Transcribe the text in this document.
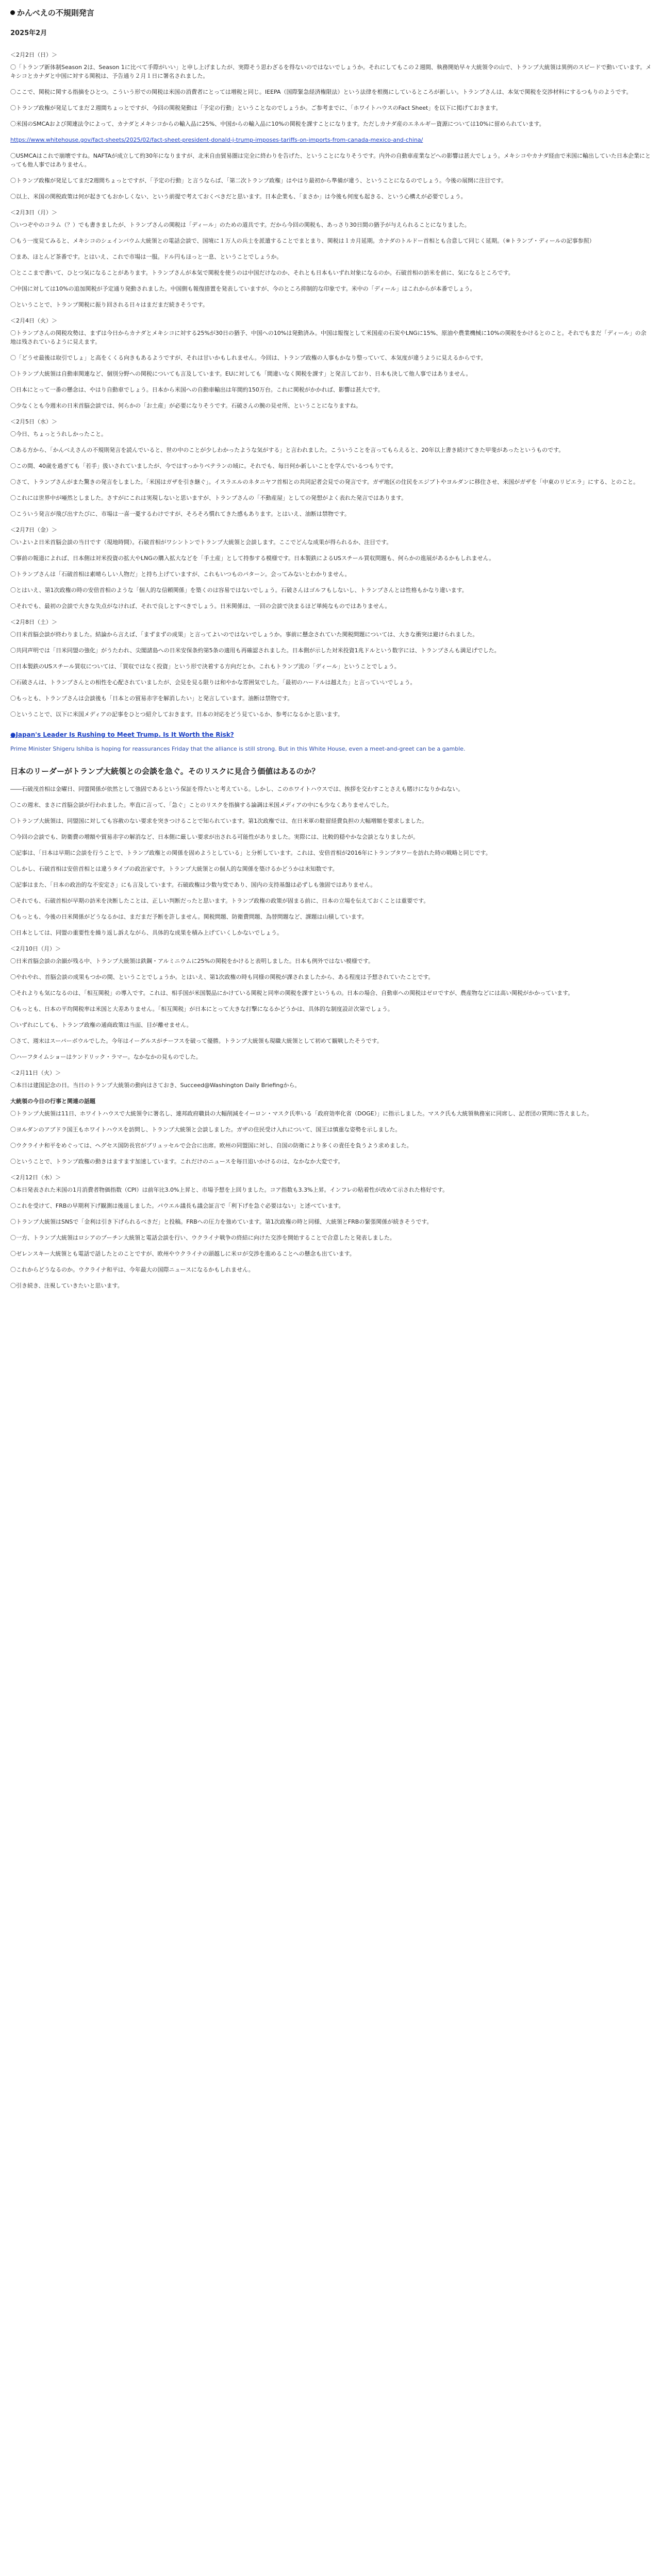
かんべえの不規則発言
2025年2月
＜2月2日（日）＞
〇「トランプ新体制Season 2は、Season 1に比べて手際がいい」と申し上げましたが、実際そう思わざるを得ないのではないでしょうか。それにしてもこの２週間、執務開始早々大統領令の山で、トランプ大統領は異例のスピードで動いています。メキシコとカナダと中国に対する関税は、予告通り２月１日に署名されました。
〇ここで、関税に関する指摘をひとつ。こういう形での関税は米国の消費者にとっては増税と同じ。IEEPA（国際緊急経済権限法）という法律を根拠にしているところが新しい。トランプさんは、本気で関税を交渉材料にするつもりのようです。
〇トランプ政権が発足してまだ２週間ちょっとですが、今回の関税発動は「予定の行動」ということなのでしょうか。ご参考までに、「ホワイトハウスのFact Sheet」を以下に掲げておきます。
〇米国のSMCAおよび関連法令によって、カナダとメキシコからの輸入品に25%、中国からの輸入品に10%の関税を課すことになります。ただしカナダ産のエネルギー資源については10%に留められています。
https://www.whitehouse.gov/fact-sheets/2025/02/fact-sheet-president-donald-j-trump-imposes-tariffs-on-imports-from-canada-mexico-and-china/
〇USMCAはこれで崩壊ですね。NAFTAが成立して約30年になりますが、北米自由貿易圏は完全に終わりを告げた、ということになりそうです。内外の自動車産業などへの影響は甚大でしょう。メキシコやカナダ経由で米国に輸出していた日本企業にとっても他人事ではありません。
〇トランプ政権が発足してまだ2週間ちょっとですが、「予定の行動」と言うならば、「第二次トランプ政権」はやはり最初から準備が違う、ということになるのでしょう。今後の展開に注目です。
〇以上、米国の関税政策は何が起きてもおかしくない、という前提で考えておくべきだと思います。日本企業も、「まさか」は今後も何度も起きる、という心構えが必要でしょう。
＜2月3日（月）＞
〇いつぞやのコラム（？）でも書きましたが、トランプさんの関税は「ディール」のための道具です。だから今回の関税も、あっさり30日間の猶予が与えられることになりました。
〇もう一度見てみると、メキシコのシェインバウム大統領との電話会談で、国境に１万人の兵士を派遣することでまとまり、関税は１カ月延期。カナダのトルドー首相とも合意して同じく延期。（※トランプ・ディールの記事参照）
〇まあ、ほとんど茶番です。とはいえ、これで市場は一服。ドル円もほっと一息、ということでしょうか。
〇とここまで書いて、ひとつ気になることがあります。トランプさんが本気で関税を使うのは中国だけなのか、それとも日本もいずれ対象になるのか。石破首相の訪米を前に、気になるところです。
〇中国に対しては10%の追加関税が予定通り発動されました。中国側も報復措置を発表していますが、今のところ抑制的な印象です。米中の「ディール」はこれからが本番でしょう。
〇ということで、トランプ関税に振り回される日々はまだまだ続きそうです。
＜2月4日（火）＞
〇トランプさんの関税攻勢は、まずは今日からカナダとメキシコに対する25%が30日の猶予、中国への10%は発動済み。中国は報復として米国産の石炭やLNGに15%、原油や農業機械に10%の関税をかけるとのこと。それでもまだ「ディール」の余地は残されているように見えます。
〇「どうせ最後は取引でしょ」と高をくくる向きもあるようですが、それは甘いかもしれません。今回は、トランプ政権の人事もかなり整っていて、本気度が違うように見えるからです。
〇トランプ大統領は自動車関連など、個別分野への関税についても言及しています。EUに対しても「間違いなく関税を課す」と発言しており、日本も決して他人事ではありません。
〇日本にとって一番の懸念は、やはり自動車でしょう。日本から米国への自動車輸出は年間約150万台。これに関税がかかれば、影響は甚大です。
〇少なくとも今週末の日米首脳会談では、何らかの「お土産」が必要になりそうです。石破さんの腕の見せ所、ということになりますね。
＜2月5日（水）＞
〇今日、ちょっとうれしかったこと。
〇ある方から、「かんべえさんの不規則発言を読んでいると、世の中のことが少しわかったような気がする」と言われました。こういうことを言ってもらえると、20年以上書き続けてきた甲斐があったというものです。
〇この間、40歳を過ぎても「若手」扱いされていましたが、今ではすっかりベテランの域に。それでも、毎日何か新しいことを学んでいるつもりです。
〇さて、トランプさんがまた驚きの発言をしました。「米国はガザを引き継ぐ」。イスラエルのネタニヤフ首相との共同記者会見での発言です。ガザ地区の住民をエジプトやヨルダンに移住させ、米国がガザを「中東のリビエラ」にする、とのこと。
〇これには世界中が唖然としました。さすがにこれは実現しないと思いますが、トランプさんの「不動産屋」としての発想がよく表れた発言ではあります。
〇こういう発言が飛び出すたびに、市場は一喜一憂するわけですが、そろそろ慣れてきた感もあります。とはいえ、油断は禁物です。
＜2月7日（金）＞
〇いよいよ日米首脳会談の当日です（現地時間）。石破首相がワシントンでトランプ大統領と会談します。ここでどんな成果が得られるか、注目です。
〇事前の報道によれば、日本側は対米投資の拡大やLNGの購入拡大などを「手土産」として持参する模様です。日本製鉄によるUSスチール買収問題も、何らかの進展があるかもしれません。
〇トランプさんは「石破首相は素晴らしい人物だ」と持ち上げていますが、これもいつものパターン。会ってみないとわかりません。
〇とはいえ、第1次政権の時の安倍首相のような「個人的な信頼関係」を築くのは容易ではないでしょう。石破さんはゴルフもしないし、トランプさんとは性格もかなり違います。
〇それでも、最初の会談で大きな失点がなければ、それで良しとすべきでしょう。日米関係は、一回の会談で決まるほど単純なものではありません。
＜2月8日（土）＞
〇日米首脳会談が終わりました。結論から言えば、「まずまずの成果」と言ってよいのではないでしょうか。事前に懸念されていた関税問題については、大きな衝突は避けられました。
〇共同声明では「日米同盟の強化」がうたわれ、尖閣諸島への日米安保条約第5条の適用も再確認されました。日本側が示した対米投資1兆ドルという数字には、トランプさんも満足げでした。
〇日本製鉄のUSスチール買収については、「買収ではなく投資」という形で決着する方向だとか。これもトランプ流の「ディール」ということでしょう。
〇石破さんは、トランプさんとの相性を心配されていましたが、会見を見る限りは和やかな雰囲気でした。「最初のハードルは越えた」と言っていいでしょう。
〇もっとも、トランプさんは会談後も「日本との貿易赤字を解消したい」と発言しています。油断は禁物です。
〇ということで、以下に米国メディアの記事をひとつ紹介しておきます。日本の対応をどう見ているか、参考になるかと思います。
●Japan's Leader Is Rushing to Meet Trump. Is It Worth the Risk?
Prime Minister Shigeru Ishiba is hoping for reassurances Friday that the alliance is still strong. But in this White House, even a meet-and-greet can be a gamble.
日本のリーダーがトランプ大統領との会談を急ぐ。そのリスクに見合う価値はあるのか？
――石破茂首相は金曜日、同盟関係が依然として強固であるという保証を得たいと考えている。しかし、このホワイトハウスでは、挨拶を交わすことさえも賭けになりかねない。
〇この週末、まさに首脳会談が行われました。率直に言って、「急ぐ」ことのリスクを指摘する論調は米国メディアの中にも少なくありませんでした。
〇トランプ大統領は、同盟国に対しても容赦のない要求を突きつけることで知られています。第1次政権では、在日米軍の駐留経費負担の大幅増額を要求しました。
〇今回の会談でも、防衛費の増額や貿易赤字の解消など、日本側に厳しい要求が出される可能性がありました。実際には、比較的穏やかな会談となりましたが。
〇記事は、「日本は早期に会談を行うことで、トランプ政権との関係を固めようとしている」と分析しています。これは、安倍首相が2016年にトランプタワーを訪れた時の戦略と同じです。
〇しかし、石破首相は安倍首相とは違うタイプの政治家です。トランプ大統領との個人的な関係を築けるかどうかは未知数です。
〇記事はまた、「日本の政治的な不安定さ」にも言及しています。石破政権は少数与党であり、国内の支持基盤は必ずしも強固ではありません。
〇それでも、石破首相が早期の訪米を決断したことは、正しい判断だったと思います。トランプ政権の政策が固まる前に、日本の立場を伝えておくことは重要です。
〇もっとも、今後の日米関係がどうなるかは、まだまだ予断を許しません。関税問題、防衛費問題、為替問題など、課題は山積しています。
〇日本としては、同盟の重要性を繰り返し訴えながら、具体的な成果を積み上げていくしかないでしょう。
＜2月10日（月）＞
〇日米首脳会談の余韻が残る中、トランプ大統領は鉄鋼・アルミニウムに25%の関税をかけると表明しました。日本も例外ではない模様です。
〇やれやれ、首脳会談の成果もつかの間、ということでしょうか。とはいえ、第1次政権の時も同様の関税が課されましたから、ある程度は予想されていたことです。
〇それよりも気になるのは、「相互関税」の導入です。これは、相手国が米国製品にかけている関税と同率の関税を課すというもの。日本の場合、自動車への関税はゼロですが、農産物などには高い関税がかかっています。
〇もっとも、日本の平均関税率は米国と大差ありません。「相互関税」が日本にとって大きな打撃になるかどうかは、具体的な制度設計次第でしょう。
〇いずれにしても、トランプ政権の通商政策は当面、目が離せません。
〇さて、週末はスーパーボウルでした。今年はイーグルスがチーフスを破って優勝。トランプ大統領も現職大統領として初めて観戦したそうです。
〇ハーフタイムショーはケンドリック・ラマー。なかなかの見ものでした。
＜2月11日（火）＞
〇本日は建国記念の日。当日のトランプ大統領の動向はさておき、Succeed@Washington Daily Briefingから。
大統領の今日の行事と関連の話題
〇トランプ大統領は11日、ホワイトハウスで大統領令に署名し、連邦政府職員の大幅削減をイーロン・マスク氏率いる「政府効率化省（DOGE）」に指示しました。マスク氏も大統領執務室に同席し、記者団の質問に答えました。
〇ヨルダンのアブドラ国王もホワイトハウスを訪問し、トランプ大統領と会談しました。ガザの住民受け入れについて、国王は慎重な姿勢を示しました。
〇ウクライナ和平をめぐっては、ヘグセス国防長官がブリュッセルで会合に出席。欧州の同盟国に対し、自国の防衛により多くの責任を負うよう求めました。
〇ということで、トランプ政権の動きはますます加速しています。これだけのニュースを毎日追いかけるのは、なかなか大変です。
＜2月12日（水）＞
〇本日発表された米国の1月消費者物価指数（CPI）は前年比3.0%上昇と、市場予想を上回りました。コア指数も3.3%上昇。インフレの粘着性が改めて示された格好です。
〇これを受けて、FRBの早期利下げ観測は後退しました。パウエル議長も議会証言で「利下げを急ぐ必要はない」と述べています。
〇トランプ大統領はSNSで「金利は引き下げられるべきだ」と投稿。FRBへの圧力を強めています。第1次政権の時と同様、大統領とFRBの緊張関係が続きそうです。
〇一方、トランプ大統領はロシアのプーチン大統領と電話会談を行い、ウクライナ戦争の終結に向けた交渉を開始することで合意したと発表しました。
〇ゼレンスキー大統領とも電話で話したとのことですが、欧州やウクライナの頭越しに米ロが交渉を進めることへの懸念も出ています。
〇これからどうなるのか。ウクライナ和平は、今年最大の国際ニュースになるかもしれません。
〇引き続き、注視していきたいと思います。
